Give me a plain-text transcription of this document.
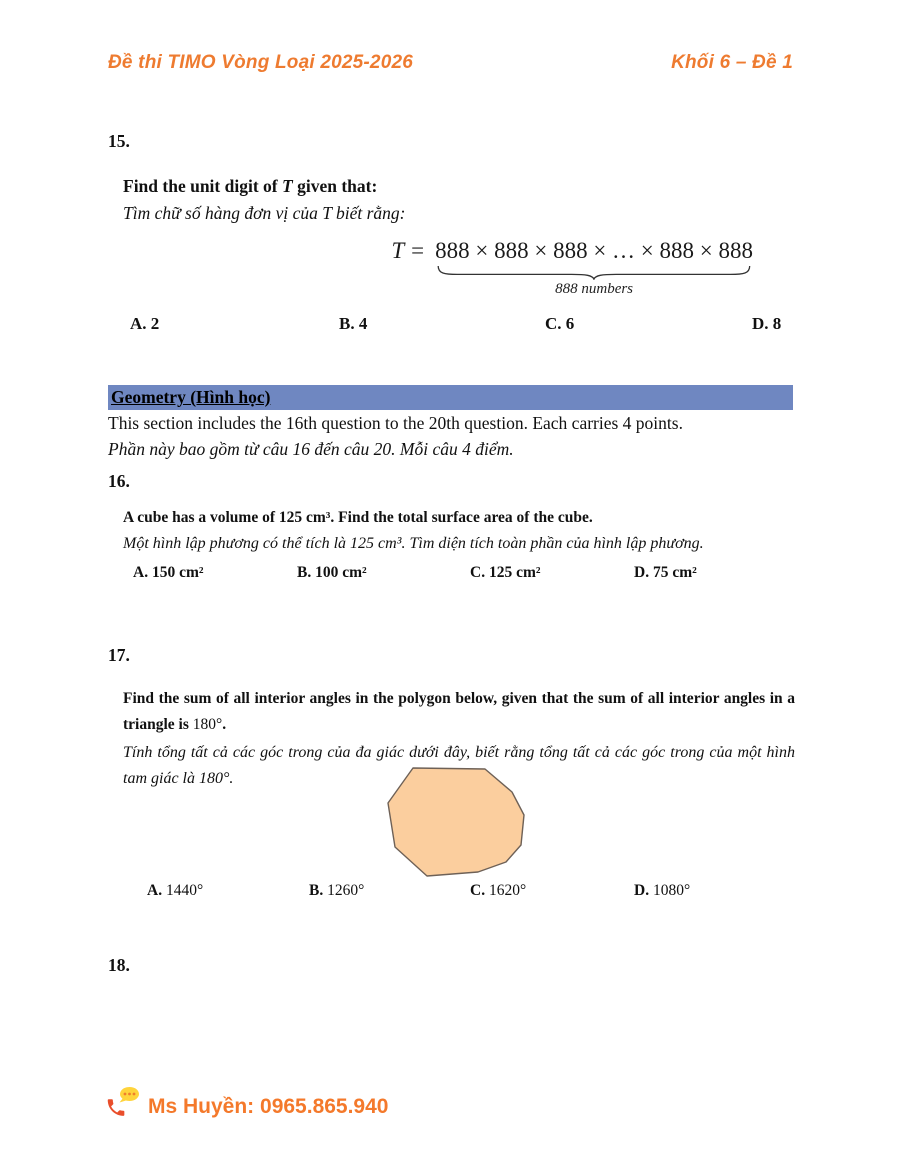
Đề thi TIMO Vòng Loại 2025-2026	Khối 6 – Đề 1
15.
Find the unit digit of T given that:
Tìm chữ số hàng đơn vị của T biết rằng:
T = 888 × 888 × 888 × … × 888 × 888
888 numbers
A. 2	B. 4	C. 6	D. 8
Geometry (Hình học)
This section includes the 16th question to the 20th question. Each carries 4 points.
Phần này bao gồm từ câu 16 đến câu 20. Mỗi câu 4 điểm.
16.
A cube has a volume of 125 cm³. Find the total surface area of the cube.
Một hình lập phương có thể tích là 125 cm³. Tìm diện tích toàn phần của hình lập phương.
A. 150 cm²	B. 100 cm²	C. 125 cm²	D. 75 cm²
17.
Find the sum of all interior angles in the polygon below, given that the sum of all interior angles in a triangle is 180°.
Tính tổng tất cả các góc trong của đa giác dưới đây, biết rằng tổng tất cả các góc trong của một hình tam giác là 180°.
A. 1440°	B. 1260°	C. 1620°	D. 1080°
18.
Ms Huyền: 0965.865.940
